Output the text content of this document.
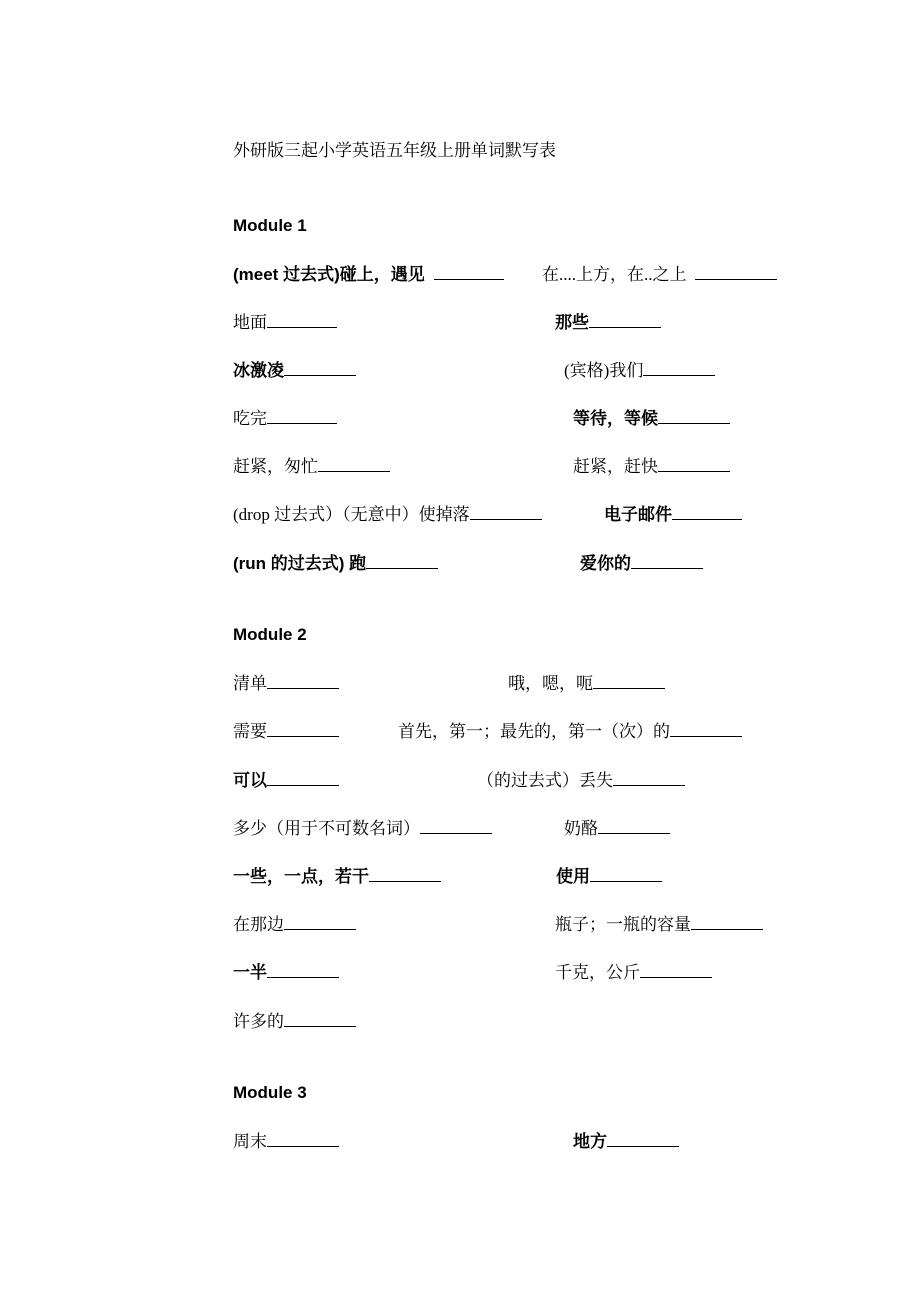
外研版三起小学英语五年级上册单词默写表
Module 1
(meet 过去式)碰上，遇见	在....上方，在..之上
地面	那些
冰激凌	(宾格)我们
吃完	等待，等候
赶紧，匆忙	赶紧，赶快
(drop 过去式）（无意中）使掉落	电子邮件
(run 的过去式) 跑	爱你的
Module 2
清单	哦，嗯，呃
需要	首先，第一；最先的，第一（次）的
可以	（的过去式）丢失
多少（用于不可数名词）	奶酪
一些，一点，若干	使用
在那边	瓶子；一瓶的容量
一半	千克，公斤
许多的
Module 3
周末	地方
